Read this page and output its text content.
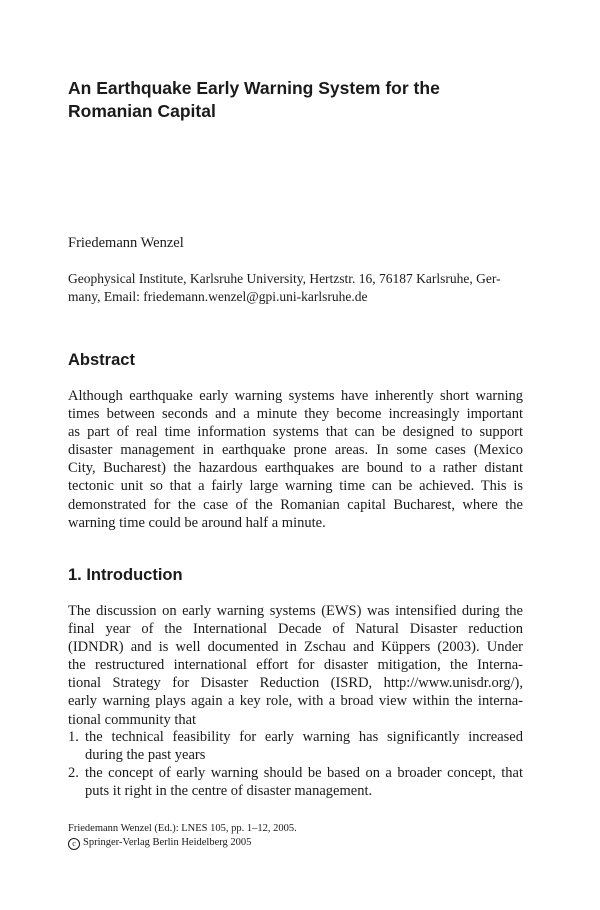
An Earthquake Early Warning System for the
Romanian Capital
Friedemann Wenzel
Geophysical Institute, Karlsruhe University, Hertzstr. 16, 76187 Karlsruhe, Ger-
many, Email: friedemann.wenzel@gpi.uni-karlsruhe.de
Abstract
Although earthquake early warning systems have inherently short warning
times between seconds and a minute they become increasingly important
as part of real time information systems that can be designed to support
disaster management in earthquake prone areas. In some cases (Mexico
City, Bucharest) the hazardous earthquakes are bound to a rather distant
tectonic unit so that a fairly large warning time can be achieved. This is
demonstrated for the case of the Romanian capital Bucharest, where the
warning time could be around half a minute.
1. Introduction
The discussion on early warning systems (EWS) was intensified during the
final year of the International Decade of Natural Disaster reduction
(IDNDR) and is well documented in Zschau and Küppers (2003). Under
the restructured international effort for disaster mitigation, the Interna-
tional Strategy for Disaster Reduction (ISRD, http://www.unisdr.org/),
early warning plays again a key role, with a broad view within the interna-
tional community that
1. the technical feasibility for early warning has significantly increased
during the past years
2. the concept of early warning should be based on a broader concept, that
puts it right in the centre of disaster management.
Friedemann Wenzel (Ed.): LNES 105, pp. 1–12, 2005.
c Springer-Verlag Berlin Heidelberg 2005
